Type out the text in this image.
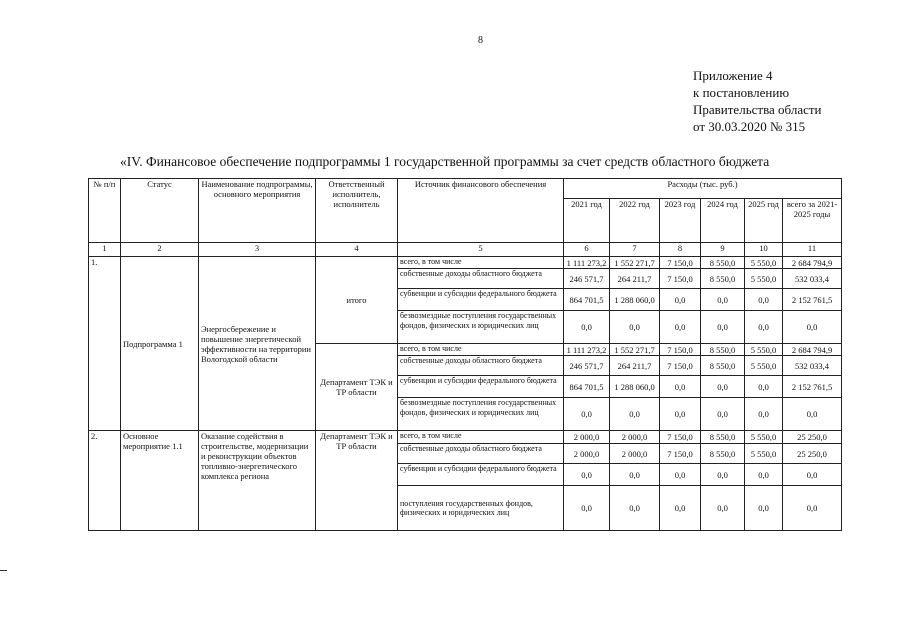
8
Приложение 4
к постановлению
Правительства области
от 30.03.2020 № 315
«IV. Финансовое обеспечение подпрограммы 1 государственной программы за счет средств областного бюджета
№ п/п	Статус	Наименование подпрограммы, основного мероприятия	Ответственный исполнитель, исполнитель	Источник финансового обеспечения	Расходы (тыс. руб.)					
					2021 год	2022 год	2023 год	2024 год	2025 год	всего за 2021-2025 годы
1	2	3	4	5	6	7	8	9	10	11
1.	Подпрограмма 1	Энергосбережение и повышение энергетической эффективности на территории Вологодской области	итого	всего, в том числе	1 111 273,2	1 552 271,7	7 150,0	8 550,0	5 550,0	2 684 794,9
				собственные доходы областного бюджета	246 571,7	264 211,7	7 150,0	8 550,0	5 550,0	532 033,4
				субвенции и субсидии федерального бюджета	864 701,5	1 288 060,0	0,0	0,0	0,0	2 152 761,5
				безвозмездные поступления государственных фондов, физических и юридических лиц	0,0	0,0	0,0	0,0	0,0	0,0
			Департамент ТЭК и ТР области	всего, в том числе	1 111 273,2	1 552 271,7	7 150,0	8 550,0	5 550,0	2 684 794,9
				собственные доходы областного бюджета	246 571,7	264 211,7	7 150,0	8 550,0	5 550,0	532 033,4
				субвенции и субсидии федерального бюджета	864 701,5	1 288 060,0	0,0	0,0	0,0	2 152 761,5
				безвозмездные поступления государственных фондов, физических и юридических лиц	0,0	0,0	0,0	0,0	0,0	0,0
2.	Основное мероприятие 1.1	Оказание содействия в строительстве, модернизации и реконструкции объектов топливно-энергетического комплекса региона	Департамент ТЭК и ТР области	всего, в том числе	2 000,0	2 000,0	7 150,0	8 550,0	5 550,0	25 250,0
				собственные доходы областного бюджета	2 000,0	2 000,0	7 150,0	8 550,0	5 550,0	25 250,0
				субвенции и субсидии федерального бюджета	0,0	0,0	0,0	0,0	0,0	0,0
				поступления государственных фондов, физических и юридических лиц	0,0	0,0	0,0	0,0	0,0	0,0
